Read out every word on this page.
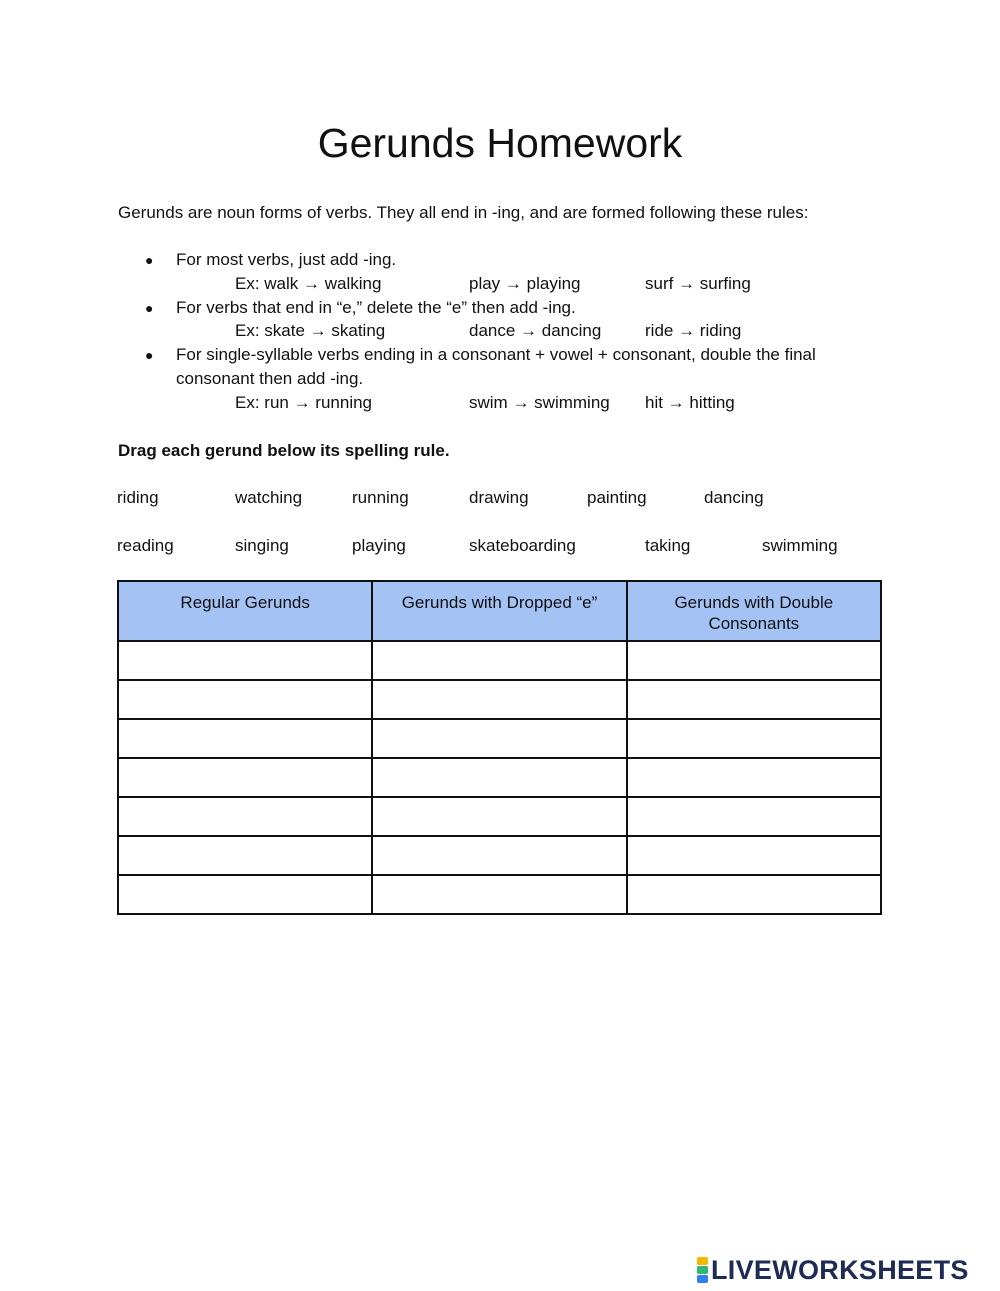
Gerunds Homework

Gerunds are noun forms of verbs. They all end in -ing, and are formed following these rules:

● For most verbs, just add -ing.
Ex: walk → walking	play → playing	surf → surfing
● For verbs that end in “e,” delete the “e” then add -ing.
Ex: skate → skating	dance → dancing	ride → riding
● For single-syllable verbs ending in a consonant + vowel + consonant, double the final
consonant then add -ing.
Ex: run → running	swim → swimming hit → hitting

Drag each gerund below its spelling rule.

riding	watching	running	drawing	painting	dancing
reading	singing	playing	skateboarding	taking	swimming
Regular Gerunds	Gerunds with Dropped “e”	Gerunds with Double Consonants

LIVEWORKSHEETS
